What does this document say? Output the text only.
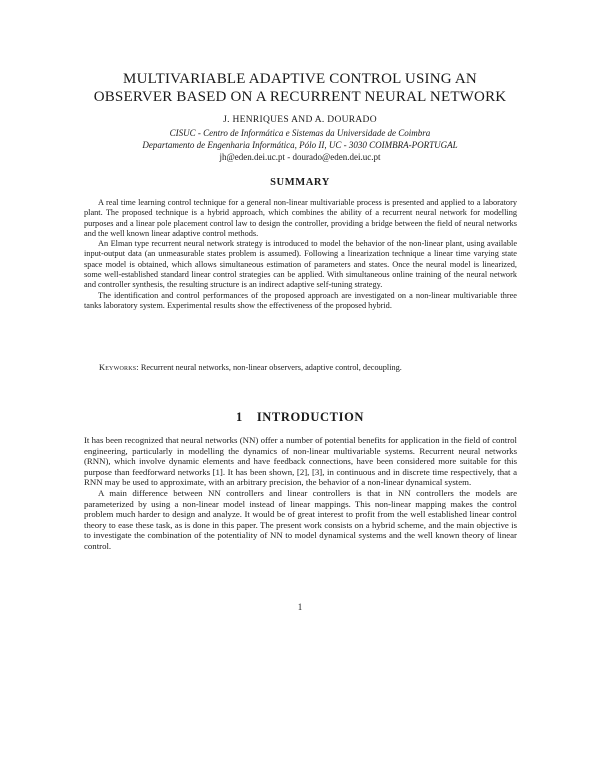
MULTIVARIABLE ADAPTIVE CONTROL USING AN
OBSERVER BASED ON A RECURRENT NEURAL NETWORK
J. HENRIQUES AND A. DOURADO
CISUC - Centro de Informática e Sistemas da Universidade de Coimbra
Departamento de Engenharia Informática, Pólo II, UC - 3030 COIMBRA-PORTUGAL
jh@eden.dei.uc.pt - dourado@eden.dei.uc.pt
SUMMARY

A real time learning control technique for a general non-linear multivariable process is presented and applied to a laboratory plant. The proposed technique is a hybrid approach, which combines the ability of a recurrent neural network for modelling purposes and a linear pole placement control law to design the controller, providing a bridge between the field of neural networks and the well known linear adaptive control methods.

An Elman type recurrent neural network strategy is introduced to model the behavior of the non-linear plant, using available input-output data (an unmeasurable states problem is assumed). Following a linearization technique a linear time varying state space model is obtained, which allows simultaneous estimation of parameters and states. Once the neural model is linearized, some well-established standard linear control strategies can be applied. With simultaneous online training of the neural network and controller synthesis, the resulting structure is an indirect adaptive self-tuning strategy.

The identification and control performances of the proposed approach are investigated on a non-linear multivariable three tanks laboratory system. Experimental results show the effectiveness of the proposed hybrid.

Keyworks: Recurrent neural networks, non-linear observers, adaptive control, decoupling.
1 INTRODUCTION

It has been recognized that neural networks (NN) offer a number of potential benefits for application in the field of control engineering, particularly in modelling the dynamics of non-linear multivariable systems. Recurrent neural networks (RNN), which involve dynamic elements and have feedback connections, have been considered more suitable for this purpose than feedforward networks [1]. It has been shown, [2], [3], in continuous and in discrete time respectively, that a RNN may be used to approximate, with an arbitrary precision, the behavior of a non-linear dynamical system.

A main difference between NN controllers and linear controllers is that in NN controllers the models are parameterized by using a non-linear model instead of linear mappings. This non-linear mapping makes the control problem much harder to design and analyze. It would be of great interest to profit from the well established linear control theory to ease these task, as is done in this paper. The present work consists on a hybrid scheme, and the main objective is to investigate the combination of the potentiality of NN to model dynamical systems and the well known theory of linear control.

1
